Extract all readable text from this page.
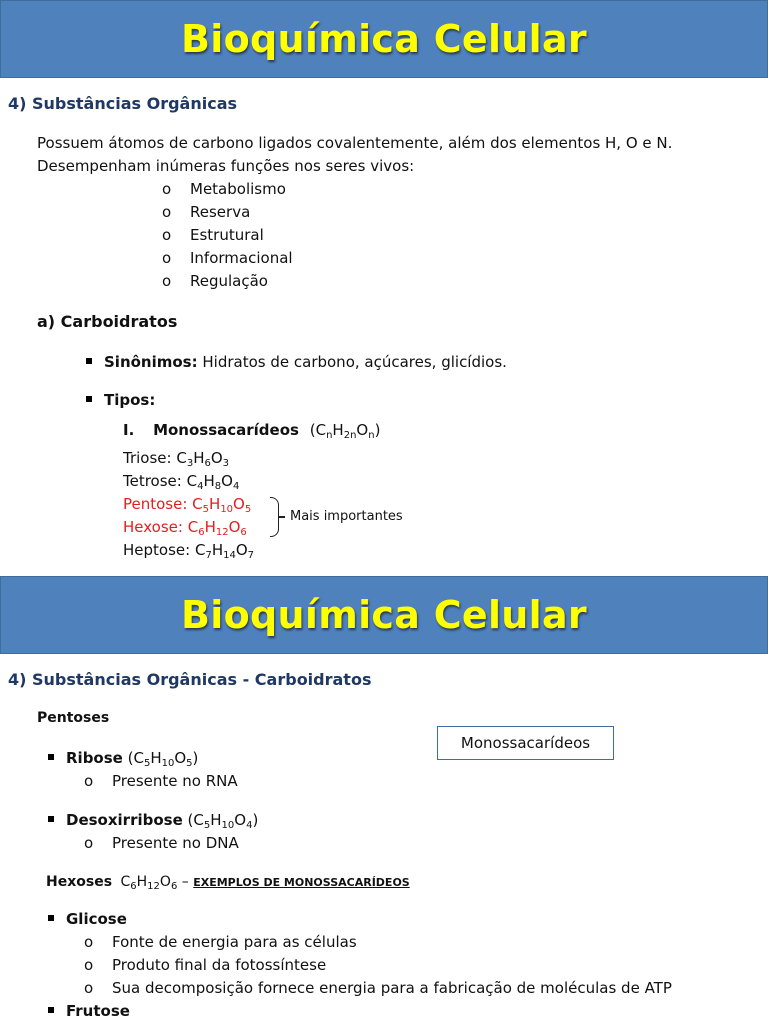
Bioquímica Celular
4) Substâncias Orgânicas
Possuem átomos de carbono ligados covalentemente, além dos elementos H, O e N.
Desempenham inúmeras funções nos seres vivos:
o Metabolismo
o Reserva
o Estrutural
o Informacional
o Regulação
a) Carboidratos
Sinônimos: Hidratos de carbono, açúcares, glicídios.
Tipos:
I. Monossacarídeos $(C_nH_{2n}O_n)$
Triose: $C_3H_6O_3$
Tetrose: $C_4H_8O_4$
Pentose: $C_5H_{10}O_5$
Hexose: $C_6H_{12}O_6$
Heptose: $C_7H_{14}O_7$
Mais importantes
Bioquímica Celular
4) Substâncias Orgânicas - Carboidratos
Pentoses
Monossacarídeos
Ribose $(C_5H_{10}O_5)$
o Presente no RNA
Desoxirribose $(C_5H_{10}O_4)$
o Presente no DNA
Hexoses $C_6H_{12}O_6$ – EXEMPLOS DE MONOSSACARÍDEOS
Glicose
o Fonte de energia para as células
o Produto final da fotossíntese
o Sua decomposição fornece energia para a fabricação de moléculas de ATP
Frutose
